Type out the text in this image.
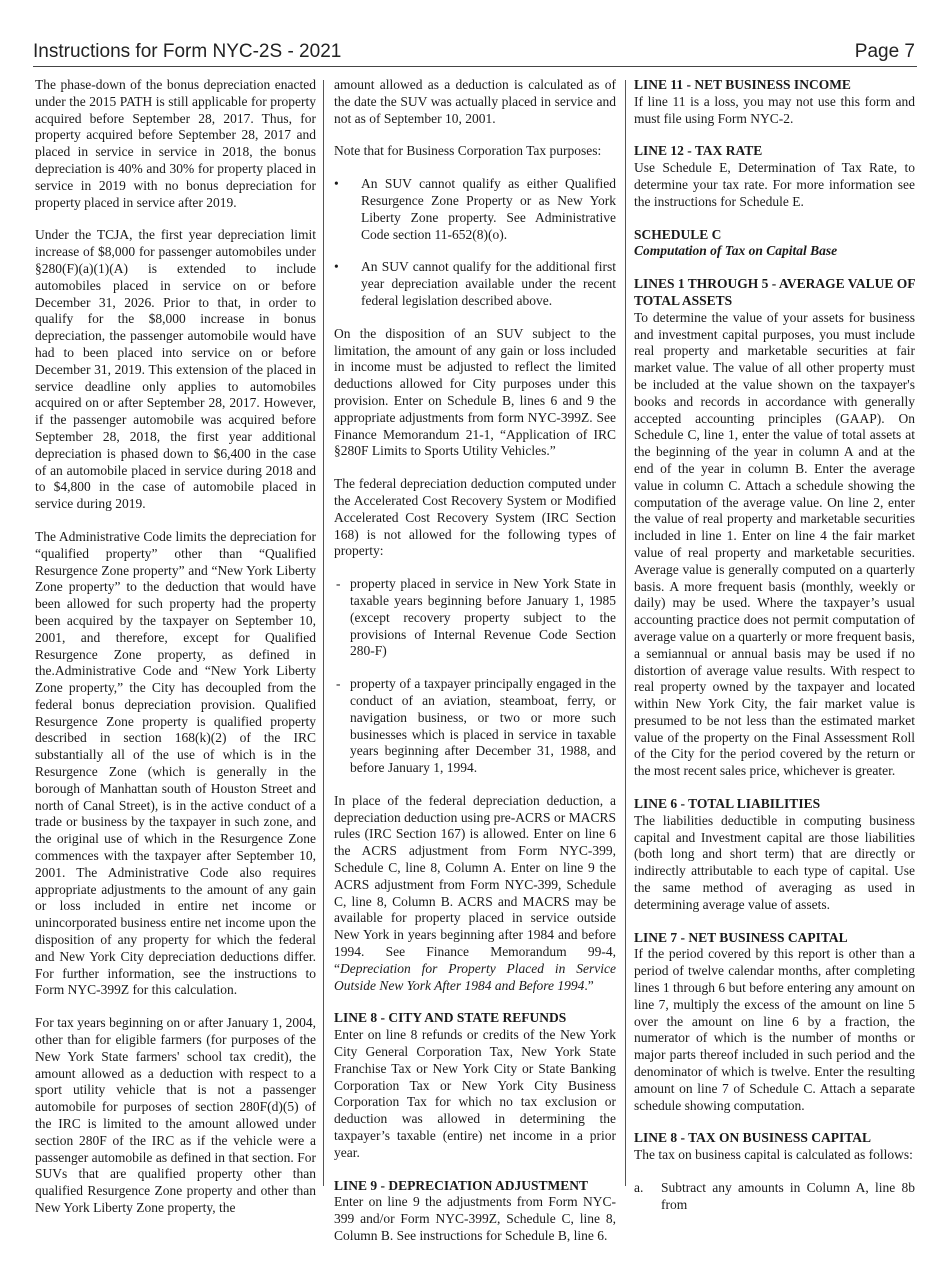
Instructions for Form NYC-2S - 2021	Page 7

The phase-down of the bonus depreciation enacted under the 2015 PATH is still applicable for property acquired before September 28, 2017. Thus, for property acquired before September 28, 2017 and placed in service in service in 2018, the bonus depreciation is 40% and 30% for property placed in service in 2019 with no bonus depreciation for property placed in service after 2019.

Under the TCJA, the first year depreciation limit increase of $8,000 for passenger automobiles under §280(F)(a)(1)(A) is extended to include automobiles placed in service on or before December 31, 2026. Prior to that, in order to qualify for the $8,000 increase in bonus depreciation, the passenger automobile would have had to been placed into service on or before December 31, 2019. This extension of the placed in service deadline only applies to automobiles acquired on or after September 28, 2017. However, if the passenger automobile was acquired before September 28, 2018, the first year additional depreciation is phased down to $6,400 in the case of an automobile placed in service during 2018 and to $4,800 in the case of automobile placed in service during 2019.

The Administrative Code limits the depreciation for “qualified property” other than “Qualified Resurgence Zone property” and “New York Liberty Zone property” to the deduction that would have been allowed for such property had the property been acquired by the taxpayer on September 10, 2001, and therefore, except for Qualified Resurgence Zone property, as defined in the.Administrative Code and “New York Liberty Zone property,” the City has decoupled from the federal bonus depreciation provision. Qualified Resurgence Zone property is qualified property described in section 168(k)(2) of the IRC substantially all of the use of which is in the Resurgence Zone (which is generally in the borough of Manhattan south of Houston Street and north of Canal Street), is in the active conduct of a trade or business by the taxpayer in such zone, and the original use of which in the Resurgence Zone commences with the taxpayer after September 10, 2001. The Administrative Code also requires appropriate adjustments to the amount of any gain or loss included in entire net income or unincorporated business entire net income upon the disposition of any property for which the federal and New York City depreciation deductions differ. For further information, see the instructions to Form NYC-399Z for this calculation.

For tax years beginning on or after January 1, 2004, other than for eligible farmers (for purposes of the New York State farmers' school tax credit), the amount allowed as a deduction with respect to a sport utility vehicle that is not a passenger automobile for purposes of section 280F(d)(5) of the IRC is limited to the amount allowed under section 280F of the IRC as if the vehicle were a passenger automobile as defined in that section. For SUVs that are qualified property other than qualified Resurgence Zone property and other than New York Liberty Zone property, the

amount allowed as a deduction is calculated as of the date the SUV was actually placed in service and not as of September 10, 2001.

Note that for Business Corporation Tax purposes:

• An SUV cannot qualify as either Qualified Resurgence Zone Property or as New York Liberty Zone property. See Administrative Code section 11-652(8)(o).
• An SUV cannot qualify for the additional first year depreciation available under the recent federal legislation described above.

On the disposition of an SUV subject to the limitation, the amount of any gain or loss included in income must be adjusted to reflect the limited deductions allowed for City purposes under this provision. Enter on Schedule B, lines 6 and 9 the appropriate adjustments from form NYC-399Z. See Finance Memorandum 21-1, “Application of IRC §280F Limits to Sports Utility Vehicles.”

The federal depreciation deduction computed under the Accelerated Cost Recovery System or Modified Accelerated Cost Recovery System (IRC Section 168) is not allowed for the following types of property:

- property placed in service in New York State in taxable years beginning before January 1, 1985 (except recovery property subject to the provisions of Internal Revenue Code Section 280-F)
- property of a taxpayer principally engaged in the conduct of an aviation, steamboat, ferry, or navigation business, or two or more such businesses which is placed in service in taxable years beginning after December 31, 1988, and before January 1, 1994.

In place of the federal depreciation deduction, a depreciation deduction using pre-ACRS or MACRS rules (IRC Section 167) is allowed. Enter on line 6 the ACRS adjustment from Form NYC-399, Schedule C, line 8, Column A. Enter on line 9 the ACRS adjustment from Form NYC-399, Schedule C, line 8, Column B. ACRS and MACRS may be available for property placed in service outside New York in years beginning after 1984 and before 1994. See Finance Memorandum 99-4, “Depreciation for Property Placed in Service Outside New York After 1984 and Before 1994.”

LINE 8 - CITY AND STATE REFUNDS

Enter on line 8 refunds or credits of the New York City General Corporation Tax, New York State Franchise Tax or New York City or State Banking Corporation Tax or New York City Business Corporation Tax for which no tax exclusion or deduction was allowed in determining the taxpayer’s taxable (entire) net income in a prior year.

LINE 9 - DEPRECIATION ADJUSTMENT

Enter on line 9 the adjustments from Form NYC-399 and/or Form NYC-399Z, Schedule C, line 8, Column B. See instructions for Schedule B, line 6.

LINE 11 - NET BUSINESS INCOME

If line 11 is a loss, you may not use this form and must file using Form NYC-2.

LINE 12 - TAX RATE

Use Schedule E, Determination of Tax Rate, to determine your tax rate. For more information see the instructions for Schedule E.

SCHEDULE C
Computation of Tax on Capital Base
LINES 1 THROUGH 5 - AVERAGE VALUE OF TOTAL ASSETS

To determine the value of your assets for business and investment capital purposes, you must include real property and marketable securities at fair market value. The value of all other property must be included at the value shown on the taxpayer's books and records in accordance with generally accepted accounting principles (GAAP). On Schedule C, line 1, enter the value of total assets at the beginning of the year in column A and at the end of the year in column B. Enter the average value in column C. Attach a schedule showing the computation of the average value. On line 2, enter the value of real property and marketable securities included in line 1. Enter on line 4 the fair market value of real property and marketable securities. Average value is generally computed on a quarterly basis. A more frequent basis (monthly, weekly or daily) may be used. Where the taxpayer’s usual accounting practice does not permit computation of average value on a quarterly or more frequent basis, a semiannual or annual basis may be used if no distortion of average value results. With respect to real property owned by the taxpayer and located within New York City, the fair market value is presumed to be not less than the estimated market value of the property on the Final Assessment Roll of the City for the period covered by the return or the most recent sales price, whichever is greater.

LINE 6 - TOTAL LIABILITIES

The liabilities deductible in computing business capital and Investment capital are those liabilities (both long and short term) that are directly or indirectly attributable to each type of capital. Use the same method of averaging as used in determining average value of assets.

LINE 7 - NET BUSINESS CAPITAL

If the period covered by this report is other than a period of twelve calendar months, after completing lines 1 through 6 but before entering any amount on line 7, multiply the excess of the amount on line 5 over the amount on line 6 by a fraction, the numerator of which is the number of months or major parts thereof included in such period and the denominator of which is twelve. Enter the resulting amount on line 7 of Schedule C. Attach a separate schedule showing computation.

LINE 8 - TAX ON BUSINESS CAPITAL

The tax on business capital is calculated as follows:

a. Subtract any amounts in Column A, line 8b from
